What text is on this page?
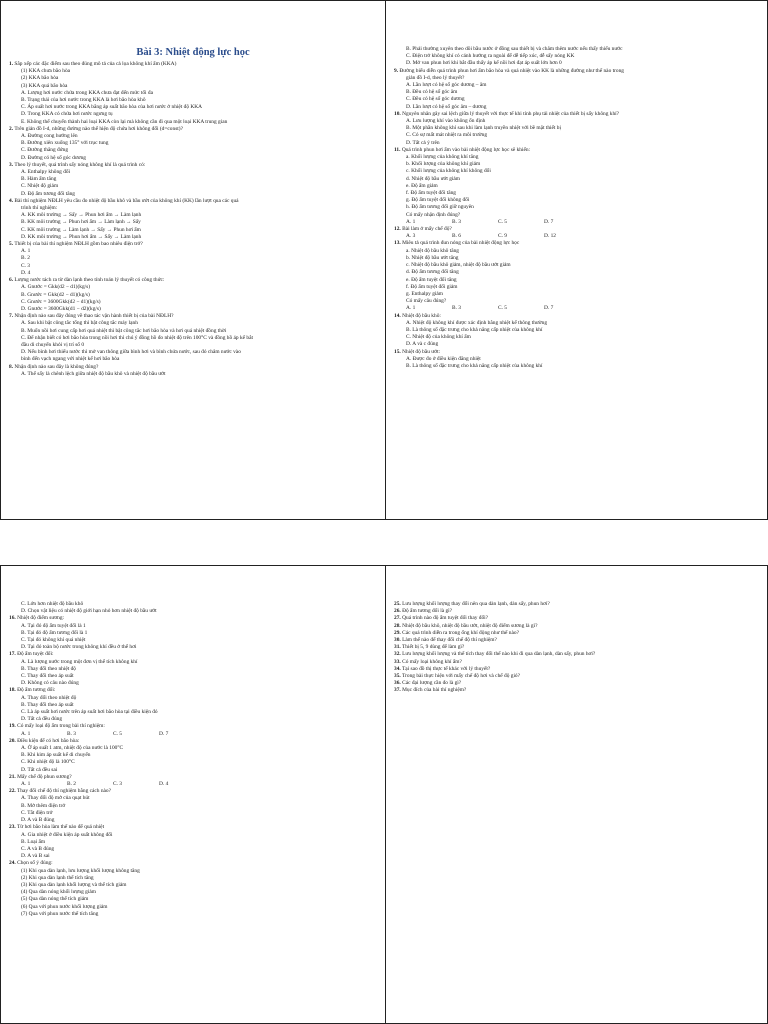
Bài 3: Nhiệt động lực học
1. Sắp xếp các đặc điểm sau theo đúng mô tả của cả lọa không khí ẩm (KKA)
(1) KKA chưa bão hòa
(2) KKA bão hòa
(3) KKA quá bão hòa
A. Lượng hơi nước chứa trong KKA chưa đạt đến mức tối đa
B. Trạng thái của hơi nước trong KKA là hơi bão hòa khô
C. Áp suất hơi nước trong KKA bằng áp suất bão hòa của hơi nước ở nhiệt độ KKA
D. Trong KKA có chứa hơi nước ngưng tụ
E. Không thể chuyển thành hai loại KKA còn lại mà không cần đi qua một loại KKA trung gian
2. Trên giản đồ I-d, những đường nào thể hiện độ chứa hơi không đổi (d=const)?
A. Đường cong hướng lên
B. Đường xiên xuống 135° với trục tung
C. Đường thẳng đứng
D. Đường có hệ số góc dương
3. Theo lý thuyết, quá trình sấy nóng không khí là quá trình có:
A. Enthalpy không đổi
B. Hàm ẩm tăng
C. Nhiệt độ giảm
D. Độ ẩm tương đối tăng
4. Bài thí nghiệm NĐLH yêu cầu đo nhiệt độ bầu khô và bầu ướt của không khí (KK) lần lượt qua các quá
trình thí nghiệm:
A. KK môi trường → Sấy → Phun hơi ẩm → Làm lạnh
B. KK môi trường → Phun hơi ẩm → Làm lạnh → Sấy
C. KK môi trường → Làm lạnh → Sấy → Phun hơi ẩm
D. KK môi trường → Phun hơi ẩm → Sấy → Làm lạnh
5. Thiết bị của bài thí nghiệm NĐLH gồm bao nhiêu điện trở?
A. 1
B. 2
C. 3
D. 4
6. Lượng nước tách ra từ dàn lạnh theo tính toán lý thuyết có công thức:
A. Gnước = Gkk(d2 − d1)(kg/s)
B. Gnước = Gkk(d2 − d1)(kg/s)
C. Gnước = 3600Gkk(d2 − d1)(kg/s)
D. Gnước = 3600Gkk(d1 − d2)(kg/s)
7. Nhận định nào sau đây đúng về thao tác vận hành thiết bị của bài NĐLH?
A. Sau khi bật công tắc tổng thì bật công tắc máy lạnh
B. Muốn nồi hơi cung cấp hơi quá nhiệt thì bật công tắc hơi bão hòa và hơi quá nhiệt đồng thời
C. Để nhận biết có hơi bão hòa trong nồi hơi thì chú ý đồng hồ đo nhiệt độ trên 100°C và đồng hồ áp kế bắt
đầu di chuyển khỏi vị trí số 0
D. Nếu bình hơi thiếu nước thì mở van thông giữa bình hơi và bình chứa nước, sau đó châm nước vào
bình đến vạch ngang với nhiệt kế hơi bão hòa
8. Nhận định nào sau đây là không đúng?
A. Thế sấy là chênh lệch giữa nhiệt độ bầu khô và nhiệt độ bầu ướt
B. Phải thường xuyên theo dõi bầu nước ở đồng sau thiết bị và châm thêm nước nếu thấy thiếu nước
C. Điện trở không khí có cánh hướng ra ngoài để dễ tiếp xúc, dễ sấy nóng KK
D. Mở van phun hơi khi bắt đầu thấy áp kế nồi hơi đạt áp suất lớn hơn 0
9. Đường biểu diễn quá trình phun hơi ẩm bão hòa và quá nhiệt vào KK là những đường như thế nào trong
giản đồ I-d, theo lý thuyết?
A. Lần lượt có hệ số góc dương – âm
B. Đều có hệ số góc âm
C. Đều có hệ số góc dương
D. Lần lượt có hệ số góc âm – dương
10. Nguyên nhân gây sai lệch giữa lý thuyết với thực tế khi tính phụ tải nhiệt của thiết bị sấy không khí?
A. Lưu lượng khí vào không ổn định
B. Một phần không khí sau khi làm lạnh truyền nhiệt với bề mặt thiết bị
C. Có sự mất mát nhiệt ra môi trường
D. Tất cả ý trên
11. Quá trình phun hơi ẩm vào bài nhiệt động lực học sẽ khiến:
a. Khối lượng của không khí tăng
b. Khối lượng của không khí giảm
c. Khối lượng của không khí không đổi
d. Nhiệt độ bầu ướt giảm
e. Độ ẩm giảm
f. Độ ẩm tuyệt đối tăng
g. Độ ẩm tuyệt đối không đổi
h. Độ ẩm tương đối giữ nguyên
Có mấy nhận định đúng?
A. 1	B. 3	C. 5	D. 7
12. Bài làm ở mấy chế độ?
A. 3	B. 6	C. 9	D. 12
13. Miêu tả quá trình đun nóng của bài nhiệt động lực học
a. Nhiệt độ bầu khô tăng
b. Nhiệt độ bầu ướt tăng
c. Nhiệt độ bầu khô giảm, nhiệt độ bầu ướt giảm
d. Độ ẩm tương đối tăng
e. Độ ẩm tuyệt đối tăng
f. Độ ẩm tuyệt đối giảm
g. Enthalpy giảm
Có mấy câu đúng?
A. 1	B. 3	C. 5	D. 7
14. Nhiệt độ bầu khô:
A. Nhiệt độ không khí được xác định bằng nhiệt kế thông thường
B. Là thông số đặc trưng cho khả năng cấp nhiệt của không khí
C. Nhiệt độ của không khí ẩm
D. A và c đúng
15. Nhiệt độ bầu ướt:
A. Được đo ở điều kiện đẳng nhiệt
B. Là thông số đặc trưng cho khả năng cấp nhiệt của không khí
C. Lớn hơn nhiệt độ bầu khô
D. Chọn vật liệu có nhiệt độ giới hạn nhỏ hơn nhiệt độ bầu ướt
16. Nhiệt độ điểm sương:
A. Tại đó độ ẩm tuyệt đối là 1
B. Tại đó độ ẩm tương đối là 1
C. Tại đó không khí quá nhiệt
D. Tại đó toàn bộ nước trong không khí đều ở thể hơi
17. Độ ẩm tuyệt đối:
A. Là lượng nước trong một đơn vị thể tích không khí
B. Thay đổi theo nhiệt độ
C. Thay đổi theo áp suất
D. Không có câu nào đúng
18. Độ ẩm tương đối:
A. Thay đổi theo nhiệt độ
B. Thay đổi theo áp suất
C. Là áp suất hơi nước trên áp suất hơi bão hòa tại điều kiện đó
D. Tất cả đều đúng
19. Có mấy loại độ ẩm trong bài thí nghiệm:
A. 1	B. 3	C. 5	D. 7
20. Điều kiện để có hơi bão hòa:
A. Ở áp suất 1 atm, nhiệt độ của nước là 100°C
B. Khi kim áp suất kế di chuyển
C. Khi nhiệt độ là 100°C
D. Tất cả đều sai
21. Mấy chế độ phun sương?
A. 1	B. 2	C. 3	D. 4
22. Thay đổi chế độ thí nghiệm bằng cách nào?
A. Thay đổi độ mở của quạt hút
B. Mở thêm điện trở
C. Tắt điện trở
D. A và B đúng
23. Từ hơi bão hòa làm thế nào để quá nhiệt
A. Gia nhiệt ở điều kiện áp suất không đổi
B. Loại ẩm
C. A và B đúng
D. A và B sai
24. Chọn số ý đúng:
(1) Khi qua dàn lạnh, lưu lượng khối lượng không tăng
(2) Khi qua dàn lạnh thể tích tăng
(3) Khi qua dàn lạnh khối lượng và thể tích giảm
(4) Qua dàn nóng khối lượng giảm
(5) Qua dàn nóng thể tích giảm
(6) Qua với phun nước khối lượng giảm
(7) Qua với phun nước thể tích tăng
25. Lưu lượng khối lượng thay đổi nên qua dàn lạnh, dàn sấy, phun hơi?
26. Độ ẩm tương đối là gì?
27. Quá trình nào độ ẩm tuyệt đối thay đổi?
28. Nhiệt độ bầu khô, nhiệt độ bầu ướt, nhiệt độ điểm sương là gì?
29. Các quá trình diễn ra trong ống khí động như thế nào?
30. Làm thế nào để thay đổi chế độ thí nghiệm?
31. Thiết bị 5, 9 dùng để làm gì?
32. Lưu lượng khối lượng và thể tích thay đổi thế nào khi đi qua dàn lạnh, dàn sấy, phun hơi?
33. Có mấy loại không khí ẩm?
34. Tại sao đồ thị thực tế khác với lý thuyết?
35. Trong bài thực hiện với mấy chế độ hơi và chế độ gió?
36. Các đại lượng cần đo là gì?
37. Mục đích của bài thí nghiệm?
